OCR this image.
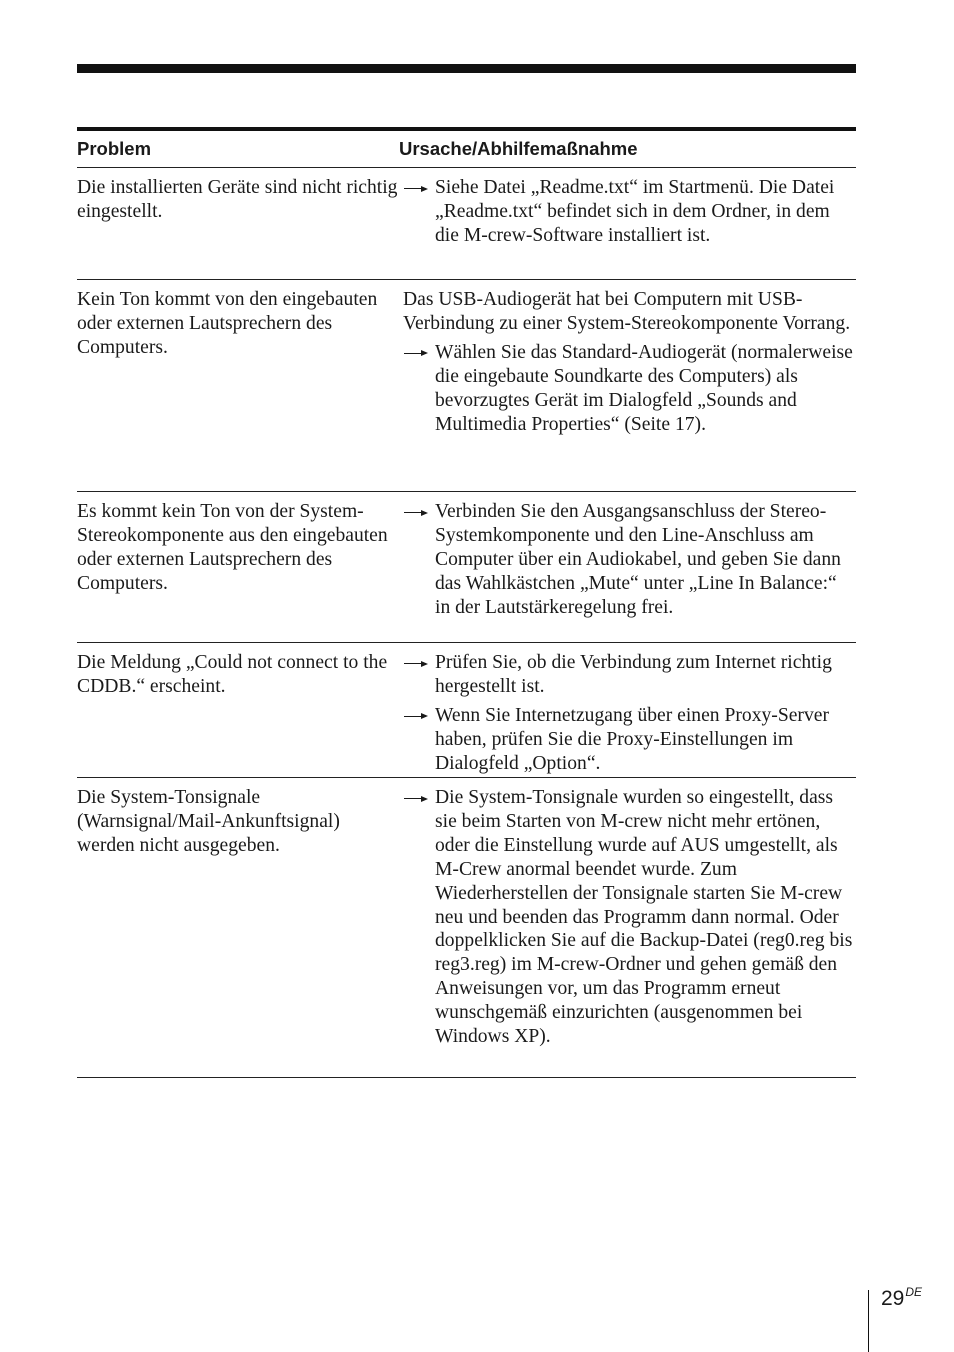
Problem	Ursache/Abhilfemaßnahme
Die installierten Geräte sind nicht richtig eingestellt.
Siehe Datei „Readme.txt“ im Startmenü. Die Datei „Readme.txt“ befindet sich in dem Ordner, in dem die M-crew-Software installiert ist.
Kein Ton kommt von den eingebauten oder externen Lautsprechern des Computers.

Das USB-Audiogerät hat bei Computern mit USB-Verbindung zu einer System-Stereokomponente Vorrang.

Wählen Sie das Standard-Audiogerät (normalerweise die eingebaute Soundkarte des Computers) als bevorzugtes Gerät im Dialogfeld „Sounds and Multimedia Properties“ (Seite 17).
Es kommt kein Ton von der System-Stereokomponente aus den eingebauten oder externen Lautsprechern des Computers.
Verbinden Sie den Ausgangsanschluss der Stereo-Systemkomponente und den Line-Anschluss am Computer über ein Audiokabel, und geben Sie dann das Wahlkästchen „Mute“ unter „Line In Balance:“ in der Lautstärkeregelung frei.
Die Meldung „Could not connect to the CDDB.“ erscheint.
Prüfen Sie, ob die Verbindung zum Internet richtig hergestellt ist.
Wenn Sie Internetzugang über einen Proxy-Server haben, prüfen Sie die Proxy-Einstellungen im Dialogfeld „Option“.
Die System-Tonsignale (Warnsignal/Mail-Ankunftsignal) werden nicht ausgegeben.
Die System-Tonsignale wurden so eingestellt, dass sie beim Starten von M-crew nicht mehr ertönen, oder die Einstellung wurde auf AUS umgestellt, als M-Crew anormal beendet wurde. Zum Wiederherstellen der Tonsignale starten Sie M-crew neu und beenden das Programm dann normal. Oder doppelklicken Sie auf die Backup-Datei (reg0.reg bis reg3.reg) im M-crew-Ordner und gehen gemäß den Anweisungen vor, um das Programm erneut wunschgemäß einzurichten (ausgenommen bei Windows XP).
29DE
